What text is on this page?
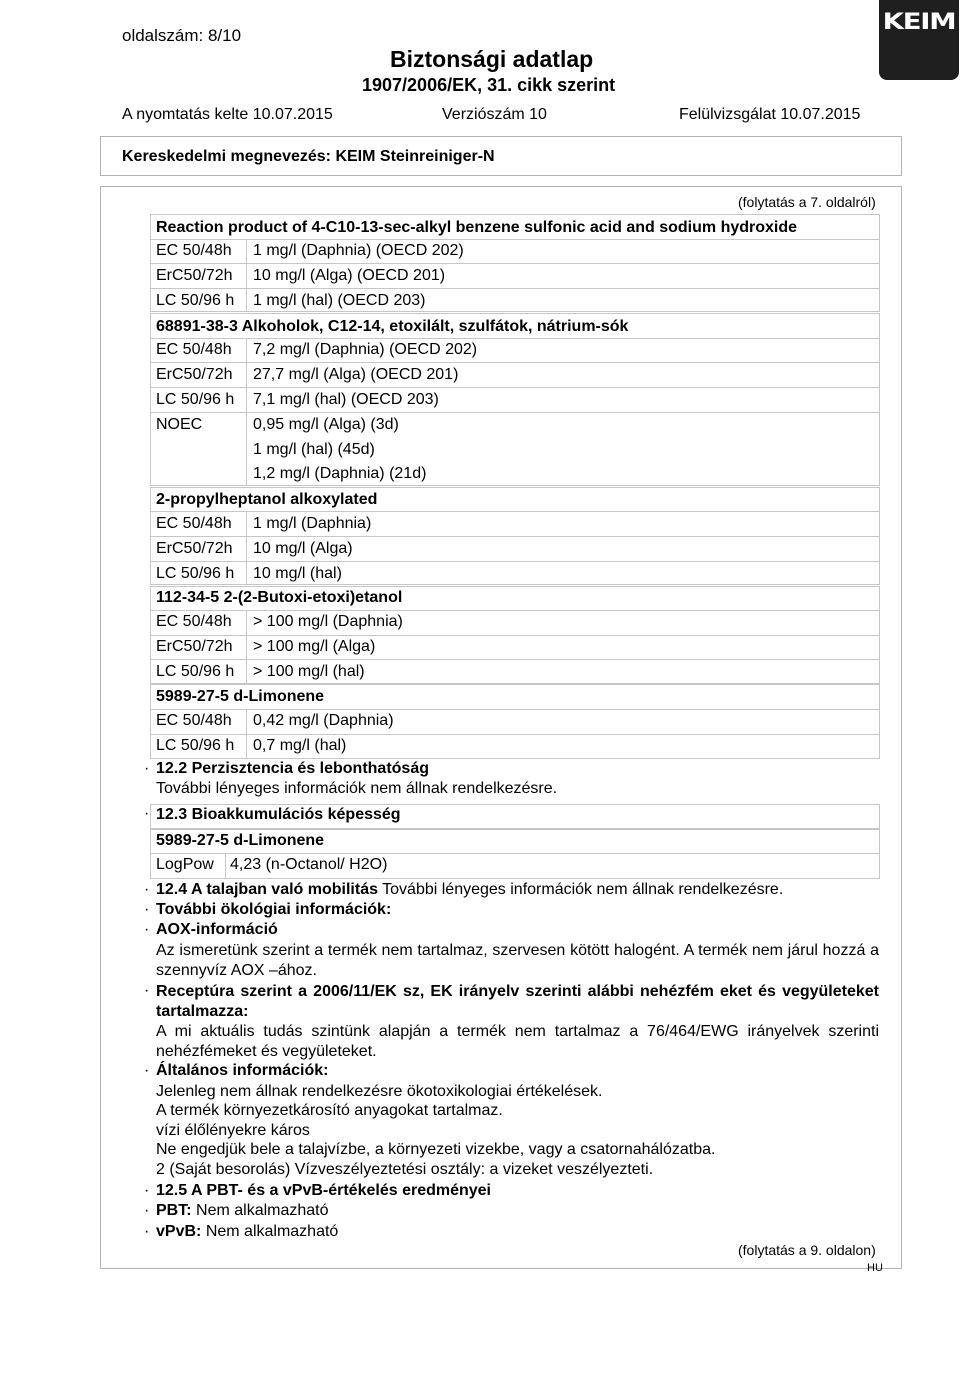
oldalszám: 8/10
Biztonsági adatlap
1907/2006/EK, 31. cikk szerint
A nyomtatás kelte 10.07.2015	Verziószám 10	Felülvizsgálat 10.07.2015
KEIM
Kereskedelmi megnevezés: KEIM Steinreiniger-N
(folytatás a 7. oldalról)
Reaction product of 4-C10-13-sec-alkyl benzene sulfonic acid and sodium hydroxide
EC 50/48h 1 mg/l (Daphnia) (OECD 202)
ErC50/72h 10 mg/l (Alga) (OECD 201)
LC 50/96 h 1 mg/l (hal) (OECD 203)
68891-38-3 Alkoholok, C12-14, etoxilált, szulfátok, nátrium-sók
EC 50/48h 7,2 mg/l (Daphnia) (OECD 202)
ErC50/72h 27,7 mg/l (Alga) (OECD 201)
LC 50/96 h 7,1 mg/l (hal) (OECD 203)
NOEC	0,95 mg/l (Alga) (3d)
1 mg/l (hal) (45d)
1,2 mg/l (Daphnia) (21d)
2-propylheptanol alkoxylated
EC 50/48h 1 mg/l (Daphnia)
ErC50/72h 10 mg/l (Alga)
LC 50/96 h 10 mg/l (hal)
112-34-5 2-(2-Butoxi-etoxi)etanol
EC 50/48h > 100 mg/l (Daphnia)
ErC50/72h > 100 mg/l (Alga)
LC 50/96 h > 100 mg/l (hal)
5989-27-5 d-Limonene
EC 50/48h 0,42 mg/l (Daphnia)
LC 50/96 h 0,7 mg/l (hal)
· 12.2 Perzisztencia és lebonthatóság
További lényeges információk nem állnak rendelkezésre.
· 12.3 Bioakkumulációs képesség
5989-27-5 d-Limonene
LogPow 4,23 (n-Octanol/ H2O)
· 12.4 A talajban való mobilitás További lényeges információk nem állnak rendelkezésre.
· További ökológiai információk:
· AOX-információ
Az ismeretünk szerint a termék nem tartalmaz, szervesen kötött halogént. A termék nem járul hozzá a szennyvíz AOX –ához.
· Receptúra szerint a 2006/11/EK sz, EK irányelv szerinti alábbi nehézfém eket és vegyületeket tartalmazza:
A mi aktuális tudás szintünk alapján a termék nem tartalmaz a 76/464/EWG irányelvek szerinti nehézfémeket és vegyületeket.
· Általános információk:
Jelenleg nem állnak rendelkezésre ökotoxikologiai értékelések.
A termék környezetkárosító anyagokat tartalmaz.
vízi élőlényekre káros
Ne engedjük bele a talajvízbe, a környezeti vizekbe, vagy a csatornahálózatba.
2 (Saját besorolás) Vízveszélyeztetési osztály: a vizeket veszélyezteti.
· 12.5 A PBT- és a vPvB-értékelés eredményei
· PBT: Nem alkalmazható
· vPvB: Nem alkalmazható
(folytatás a 9. oldalon)
HU
